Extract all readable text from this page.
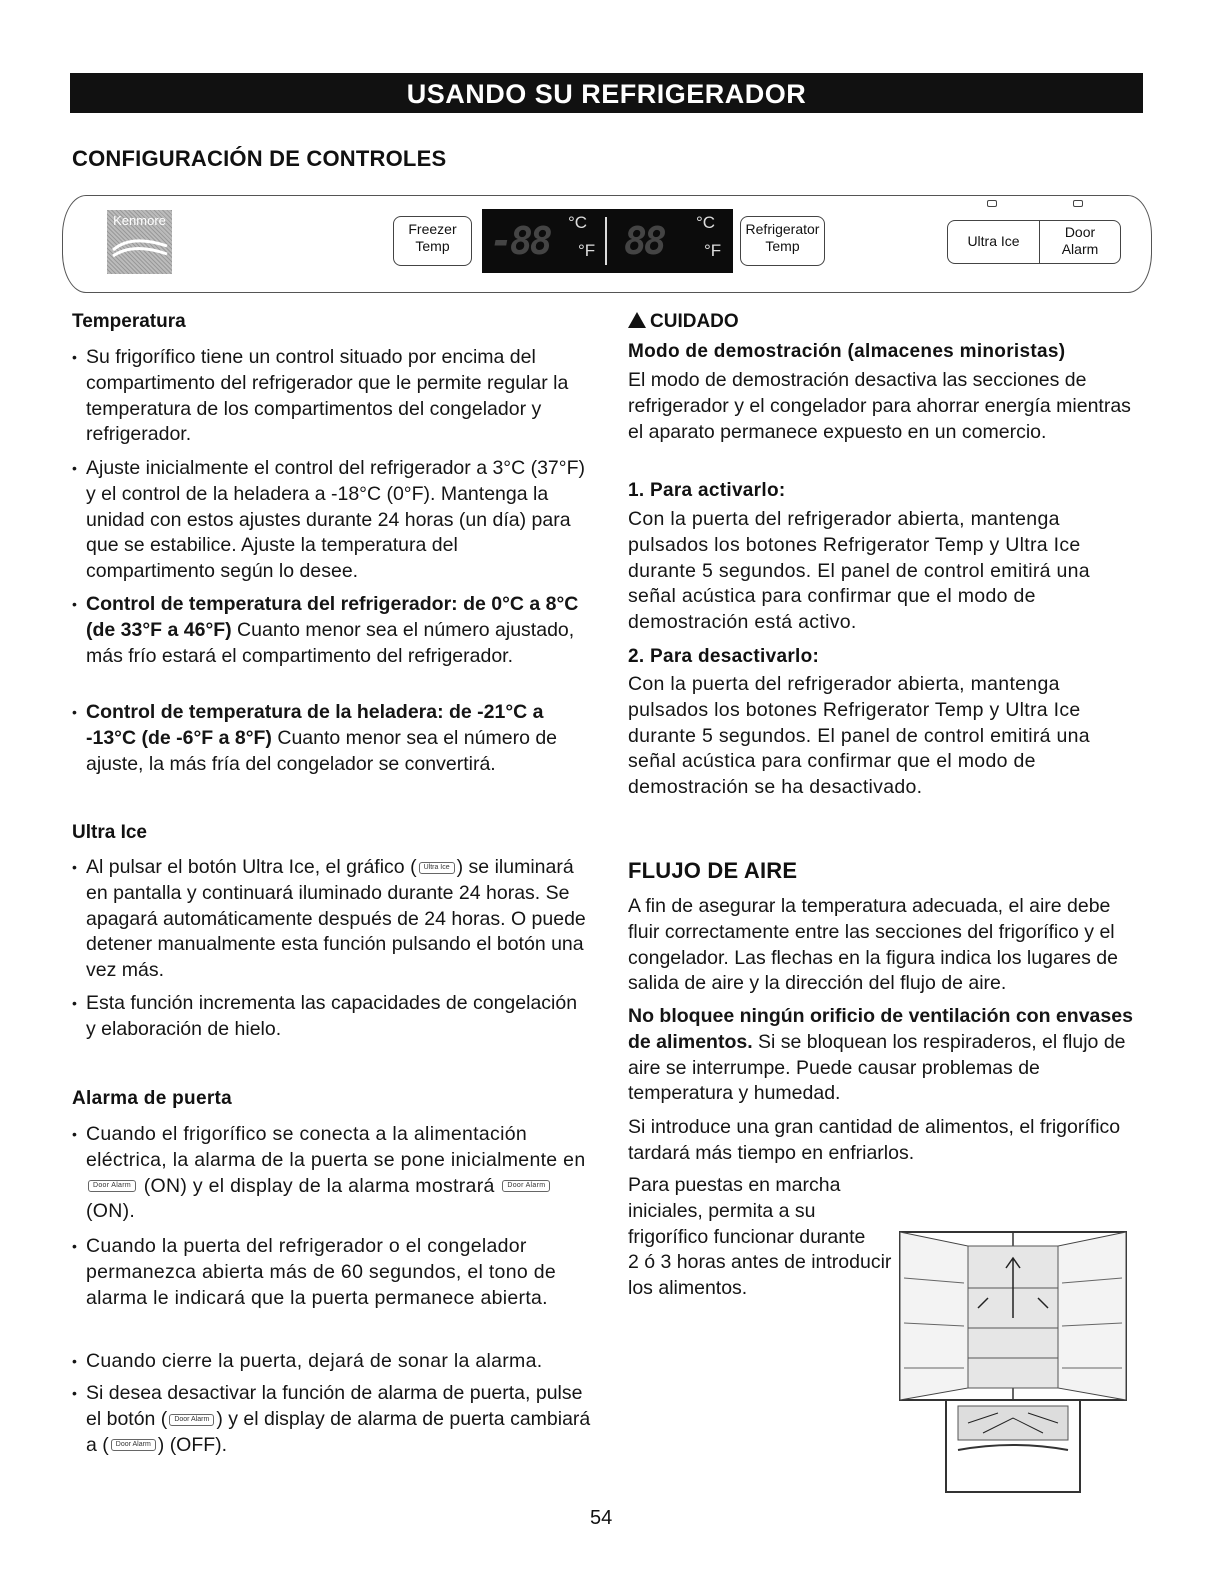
USANDO SU REFRIGERADOR
CONFIGURACIÓN DE CONTROLES
Kenmore
Freezer
Temp	-88 °C
°F 88 °C
°F
Refrigerator
Temp	Ultra Ice
Door
Alarm
Temperatura
• Su frigorífico tiene un control situado por encima del compartimento del refrigerador que le permite regular la temperatura de los compartimentos del congelador y refrigerador.
• Ajuste inicialmente el control del refrigerador a 3°C (37°F) y el control de la heladera a -18°C (0°F). Mantenga la unidad con estos ajustes durante 24 horas (un día) para que se estabilice. Ajuste la temperatura del compartimento según lo desee.
• Control de temperatura del refrigerador: de 0°C a 8°C (de 33°F a 46°F) Cuanto menor sea el número ajustado, más frío estará el compartimento del refrigerador.
• Control de temperatura de la heladera: de -21°C a -13°C (de -6°F a 8°F) Cuanto menor sea el número de ajuste, la más fría del congelador se convertirá.
Ultra Ice
• Al pulsar el botón Ultra Ice, el gráfico ( Ultra Ice ) se iluminará en pantalla y continuará iluminado durante 24 horas. Se apagará automáticamente después de 24 horas. O puede detener manualmente esta función pulsando el botón una vez más.
• Esta función incrementa las capacidades de congelación y elaboración de hielo.
Alarma de puerta
• Cuando el frigorífico se conecta a la alimentación eléctrica, la alarma de la puerta se pone inicialmente en Door Alarm (ON) y el display de la alarma mostrará Door Alarm (ON).
• Cuando la puerta del refrigerador o el congelador permanezca abierta más de 60 segundos, el tono de alarma le indicará que la puerta permanece abierta.
• Cuando cierre la puerta, dejará de sonar la alarma.
• Si desea desactivar la función de alarma de puerta, pulse el botón ( Door Alarm ) y el display de alarma de puerta cambiará a ( Door Alarm ) (OFF).
CUIDADO
Modo de demostración (almacenes minoristas)
El modo de demostración desactiva las secciones de refrigerador y el congelador para ahorrar energía mientras el aparato permanece expuesto en un comercio.
1. Para activarlo:
Con la puerta del refrigerador abierta, mantenga pulsados los botones Refrigerator Temp y Ultra Ice durante 5 segundos. El panel de control emitirá una señal acústica para confirmar que el modo de demostración está activo.
2. Para desactivarlo:
Con la puerta del refrigerador abierta, mantenga pulsados los botones Refrigerator Temp y Ultra Ice durante 5 segundos. El panel de control emitirá una señal acústica para confirmar que el modo de demostración se ha desactivado.
FLUJO DE AIRE
A fin de asegurar la temperatura adecuada, el aire debe fluir correctamente entre las secciones del frigorífico y el congelador. Las flechas en la figura indica los lugares de salida de aire y la dirección del flujo de aire.
No bloquee ningún orificio de ventilación con envases de alimentos. Si se bloquean los respiraderos, el flujo de aire se interrumpe. Puede causar problemas de temperatura y humedad.
Si introduce una gran cantidad de alimentos, el frigorífico tardará más tiempo en enfriarlos.
Para puestas en marcha iniciales, permita a su frigorífico funcionar durante
2 ó 3 horas antes de introducir los alimentos.
54
